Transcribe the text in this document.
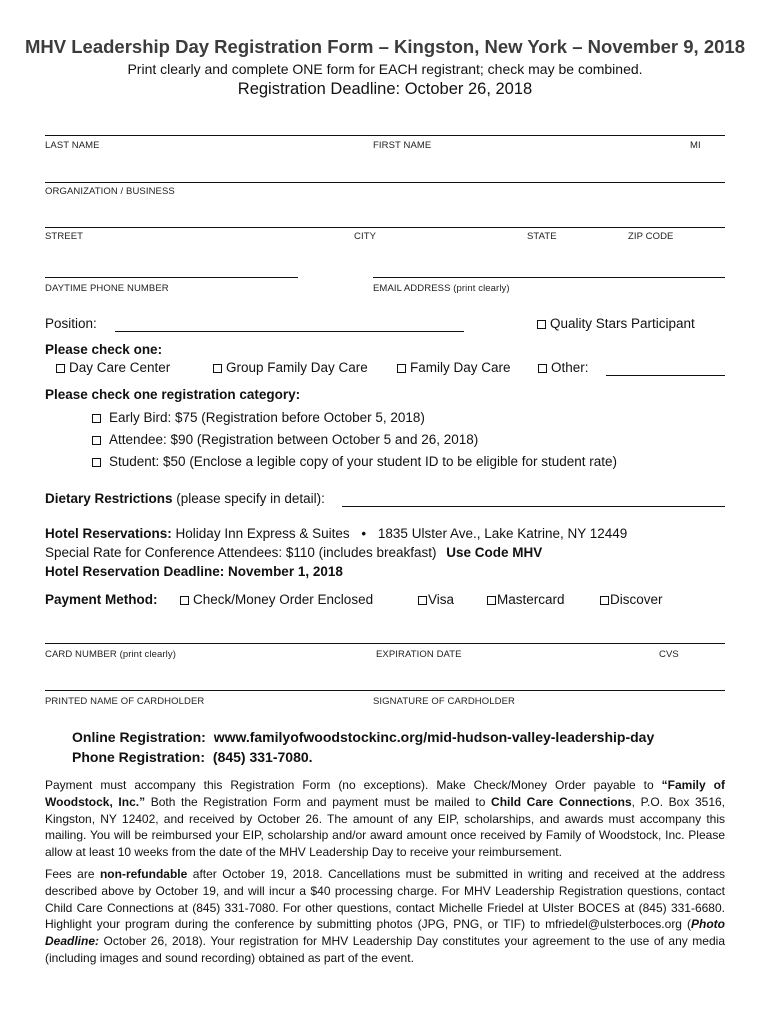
MHV Leadership Day Registration Form – Kingston, New York – November 9, 2018
Print clearly and complete ONE form for EACH registrant; check may be combined.
Registration Deadline: October 26, 2018
LAST NAME	FIRST NAME	MI
ORGANIZATION / BUSINESS
STREET	CITY	STATE	ZIP CODE
DAYTIME PHONE NUMBER	EMAIL ADDRESS (print clearly)
Position:	Quality Stars Participant
Please check one:
Day Care Center	Group Family Day Care	Family Day Care	Other:
Please check one registration category:
Early Bird: $75 (Registration before October 5, 2018)
Attendee: $90 (Registration between October 5 and 26, 2018)
Student: $50 (Enclose a legible copy of your student ID to be eligible for student rate)
Dietary Restrictions (please specify in detail):
Hotel Reservations: Holiday Inn Express & Suites • 1835 Ulster Ave., Lake Katrine, NY 12449
Special Rate for Conference Attendees: $110 (includes breakfast) Use Code MHV
Hotel Reservation Deadline: November 1, 2018
Payment Method:	Check/Money Order Enclosed	Visa	Mastercard	Discover
CARD NUMBER (print clearly)	EXPIRATION DATE	CVS
PRINTED NAME OF CARDHOLDER	SIGNATURE OF CARDHOLDER
Online Registration: www.familyofwoodstockinc.org/mid-hudson-valley-leadership-day
Phone Registration: (845) 331-7080.
Payment must accompany this Registration Form (no exceptions). Make Check/Money Order payable to “Family of Woodstock, Inc.” Both the Registration Form and payment must be mailed to Child Care Connections, P.O. Box 3516, Kingston, NY 12402, and received by October 26. The amount of any EIP, scholarships, and awards must accompany this mailing. You will be reimbursed your EIP, scholarship and/or award amount once received by Family of Woodstock, Inc. Please allow at least 10 weeks from the date of the MHV Leadership Day to receive your reimbursement.
Fees are non-refundable after October 19, 2018. Cancellations must be submitted in writing and received at the address described above by October 19, and will incur a $40 processing charge. For MHV Leadership Registration questions, contact Child Care Connections at (845) 331-7080. For other questions, contact Michelle Friedel at Ulster BOCES at (845) 331-6680. Highlight your program during the conference by submitting photos (JPG, PNG, or TIF) to mfriedel@ulsterboces.org (Photo Deadline: October 26, 2018). Your registration for MHV Leadership Day constitutes your agreement to the use of any media (including images and sound recording) obtained as part of the event.
